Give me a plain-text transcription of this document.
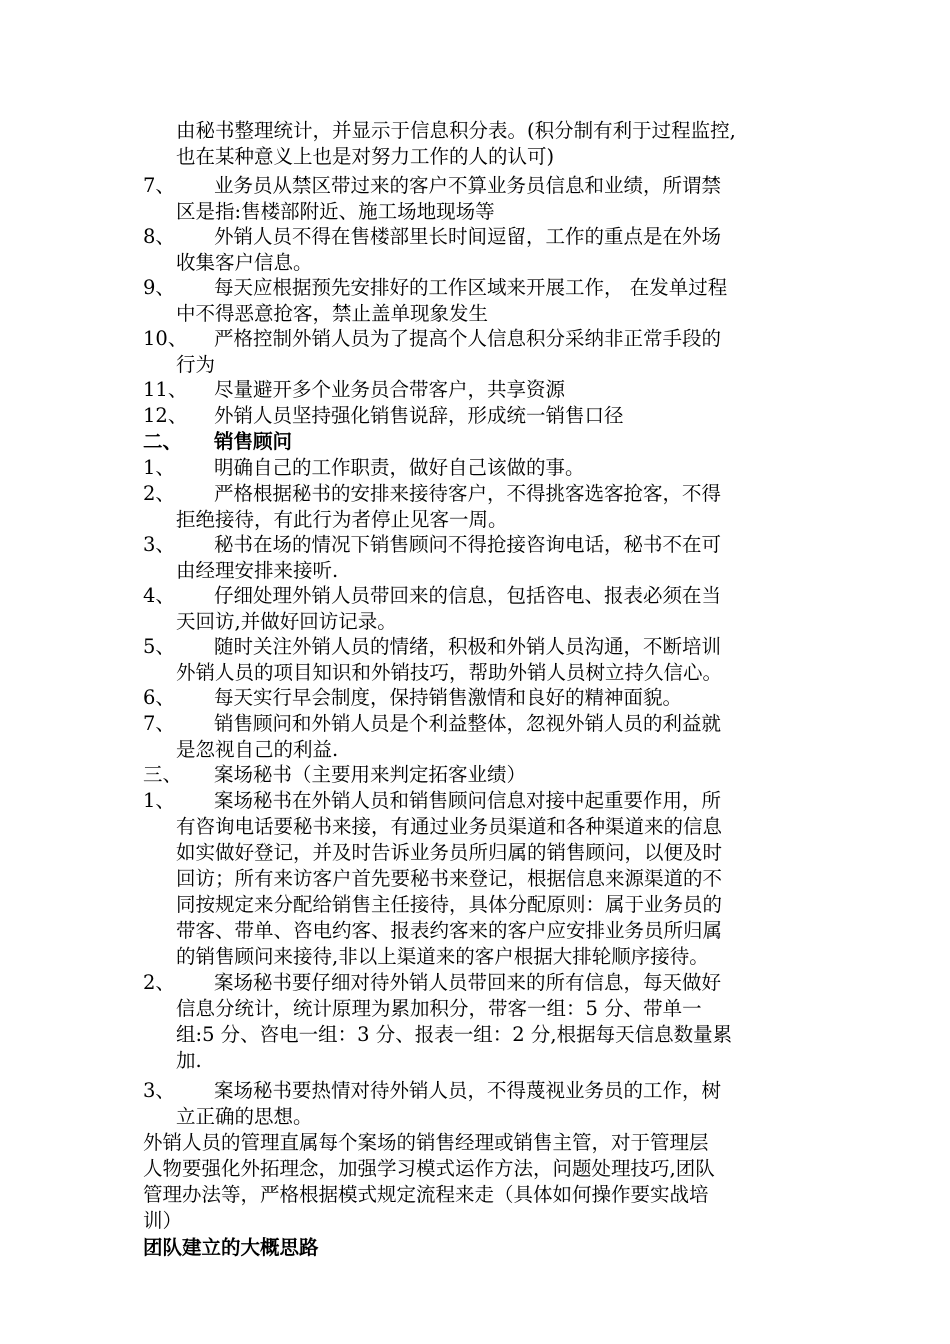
由秘书整理统计，并显示于信息积分表。(积分制有利于过程监控,
也在某种意义上也是对努力工作的人的认可)
7、 业务员从禁区带过来的客户不算业务员信息和业绩，所谓禁
区是指:售楼部附近、施工场地现场等
8、 外销人员不得在售楼部里长时间逗留，工作的重点是在外场
收集客户信息。
9、 每天应根据预先安排好的工作区域来开展工作， 在发单过程
中不得恶意抢客，禁止盖单现象发生
10、 严格控制外销人员为了提高个人信息积分采纳非正常手段的
行为
11、 尽量避开多个业务员合带客户，共享资源
12、 外销人员坚持强化销售说辞，形成统一销售口径
二、 销售顾问
1、 明确自己的工作职责，做好自己该做的事。
2、 严格根据秘书的安排来接待客户，不得挑客选客抢客，不得
拒绝接待，有此行为者停止见客一周。
3、 秘书在场的情况下销售顾问不得抢接咨询电话，秘书不在可
由经理安排来接听.
4、 仔细处理外销人员带回来的信息，包括咨电、报表必须在当
天回访,并做好回访记录。
5、 随时关注外销人员的情绪，积极和外销人员沟通，不断培训
外销人员的项目知识和外销技巧，帮助外销人员树立持久信心。
6、 每天实行早会制度，保持销售激情和良好的精神面貌。
7、 销售顾问和外销人员是个利益整体，忽视外销人员的利益就
是忽视自己的利益.
三、 案场秘书（主要用来判定拓客业绩）
1、 案场秘书在外销人员和销售顾问信息对接中起重要作用，所
有咨询电话要秘书来接，有通过业务员渠道和各种渠道来的信息
如实做好登记，并及时告诉业务员所归属的销售顾问，以便及时
回访；所有来访客户首先要秘书来登记，根据信息来源渠道的不
同按规定来分配给销售主任接待，具体分配原则：属于业务员的
带客、带单、咨电约客、报表约客来的客户应安排业务员所归属
的销售顾问来接待,非以上渠道来的客户根据大排轮顺序接待。
2、 案场秘书要仔细对待外销人员带回来的所有信息，每天做好
信息分统计，统计原理为累加积分，带客一组：5 分、带单一
组:5 分、咨电一组：3 分、报表一组：2 分,根据每天信息数量累
加.
3、 案场秘书要热情对待外销人员，不得蔑视业务员的工作，树
立正确的思想。
外销人员的管理直属每个案场的销售经理或销售主管，对于管理层
人物要强化外拓理念，加强学习模式运作方法，问题处理技巧,团队
管理办法等，严格根据模式规定流程来走（具体如何操作要实战培
训）
团队建立的大概思路
